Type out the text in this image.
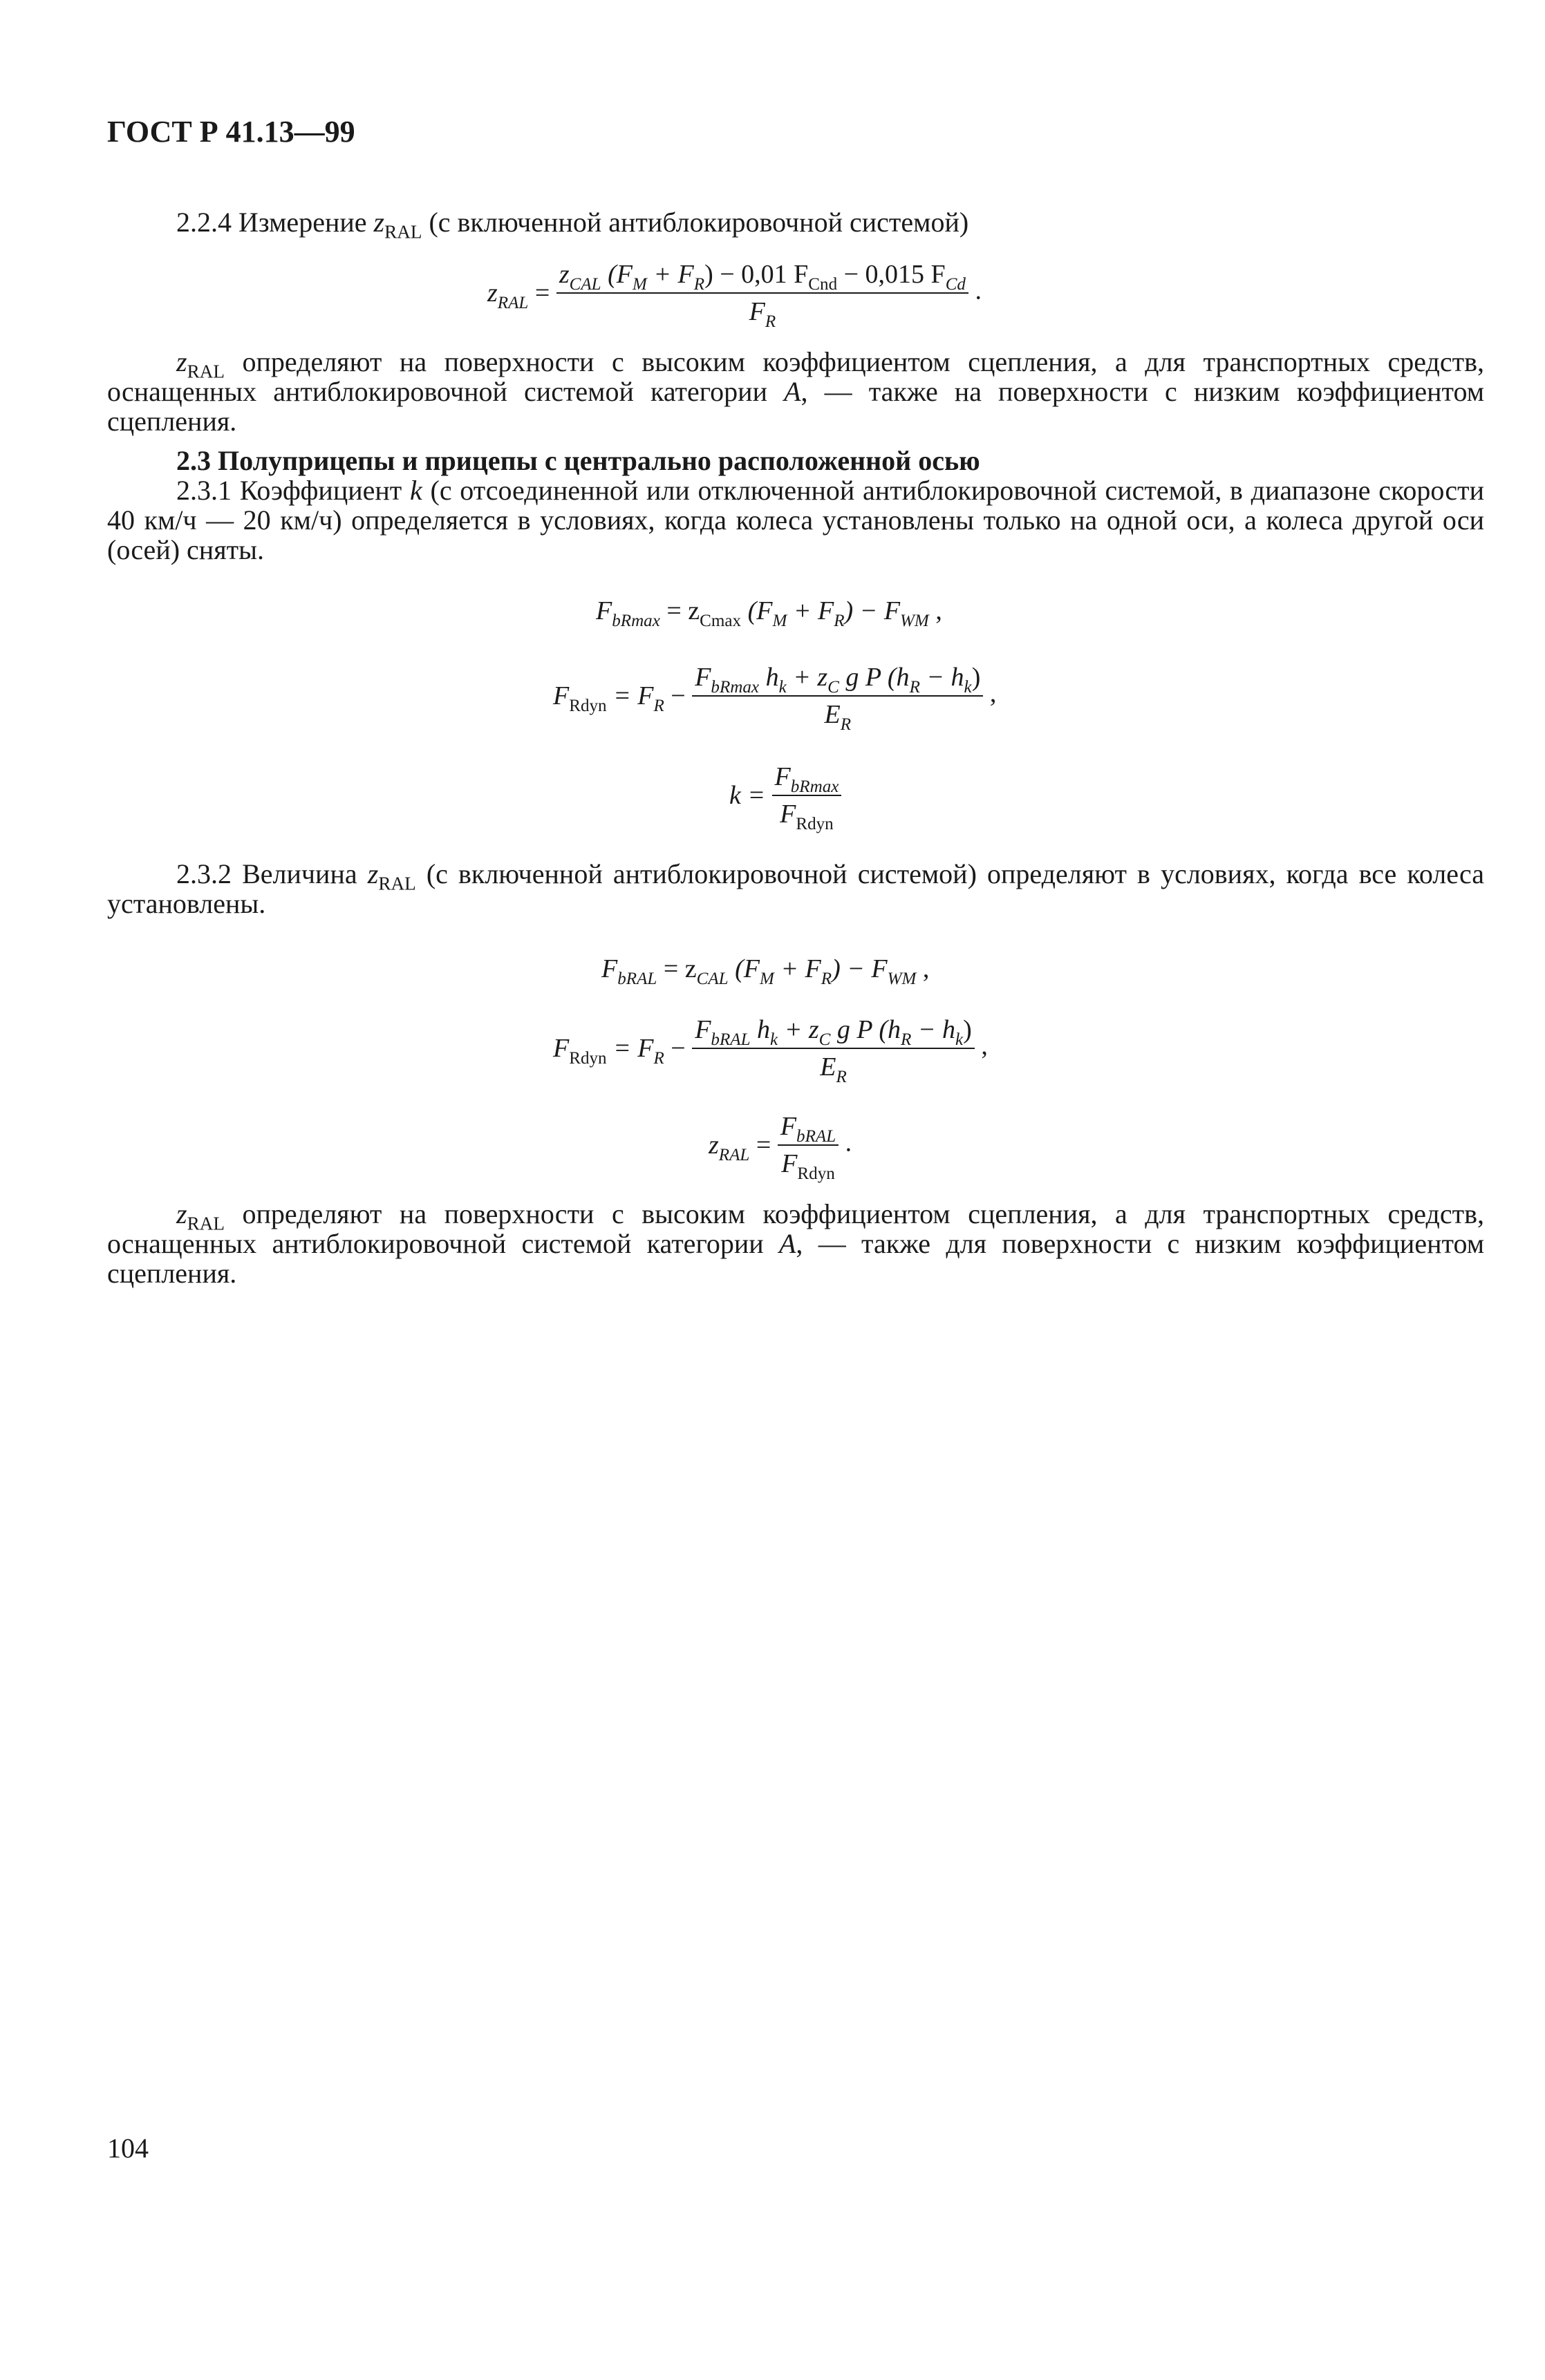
ГОСТ Р 41.13—99

2.2.4 Измерение $z_{RAL}$ (с включенной антиблокировочной системой)

$z_{RAL} = \frac{z_{CAL} (F_M + F_R) - 0,01 F_{Cnd} - 0,015 F_{Cd}}{F_R}$ .

$z_{RAL}$ определяют на поверхности с высоким коэффициентом сцепления, а для транспортных средств, оснащенных антиблокировочной системой категории A, — также на поверхности с низким коэффициентом сцепления.

2.3 Полуприцепы и прицепы с центрально расположенной осью

2.3.1 Коэффициент k (с отсоединенной или отключенной антиблокировочной системой, в диапазоне скорости 40 км/ч — 20 км/ч) определяется в условиях, когда колеса установлены только на одной оси, а колеса другой оси (осей) сняты.

$F_{bRmax} = z_{Cmax}$ $(F_M + F_R) - F_{WM}$ ,
$F_{Rdyn} = F_R - \frac{F_{bRmax} h_k + z_C g P (h_R - h_k)}{E_R}$ ,
$k = \frac{F_{bRmax}}{F_{Rdyn}}$

2.3.2 Величина $z_{RAL}$ (с включенной антиблокировочной системой) определяют в условиях, когда все колеса установлены.

$F_{bRAL} = z_{CAL}$ $(F_M + F_R) - F_{WM}$ ,
$F_{Rdyn} = F_R - \frac{F_{bRAL} h_k + z_C g P (h_R - h_k)}{E_R}$ ,
$z_{RAL} = \frac{F_{bRAL}}{F_{Rdyn}}$ .

$z_{RAL}$ определяют на поверхности с высоким коэффициентом сцепления, а для транспортных средств, оснащенных антиблокировочной системой категории A, — также для поверхности с низким коэффициентом сцепления.

104
